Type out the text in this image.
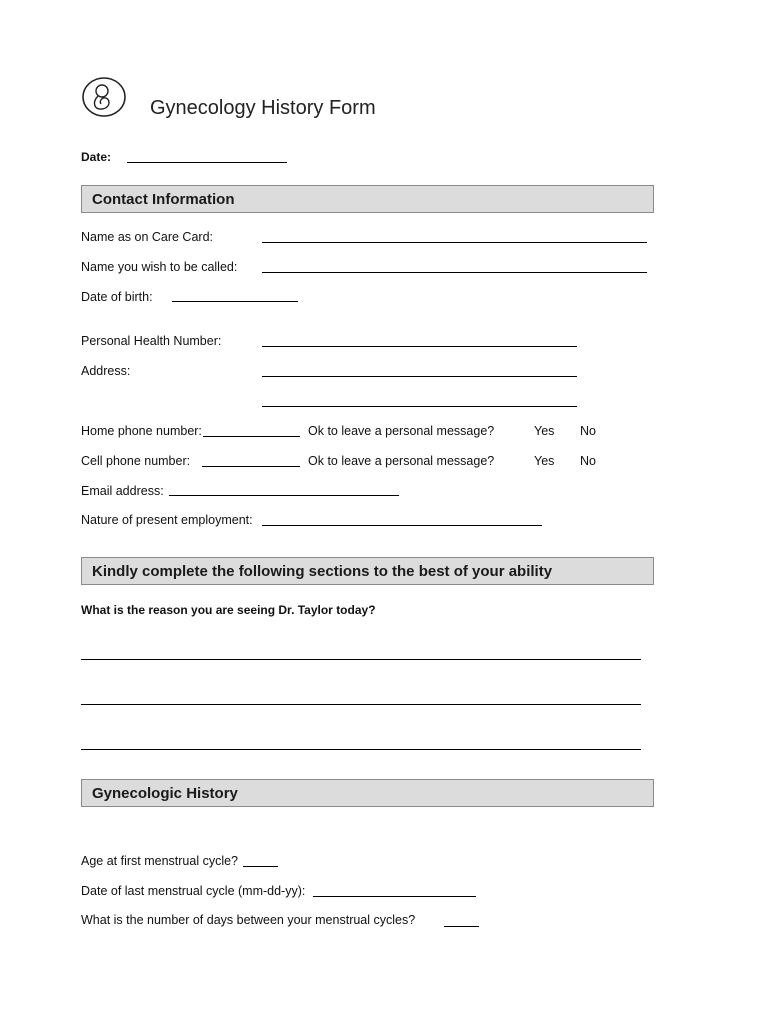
Gynecology History Form
Date:
Contact Information
Name as on Care Card:
Name you wish to be called:
Date of birth:
Personal Health Number:
Address:
Home phone number:	Ok to leave a personal message?	Yes No
Cell phone number:	Ok to leave a personal message?	Yes No
Email address:
Nature of present employment:
Kindly complete the following sections to the best of your ability
What is the reason you are seeing Dr. Taylor today?
Gynecologic History
Age at first menstrual cycle?
Date of last menstrual cycle (mm-dd-yy):
What is the number of days between your menstrual cycles?
